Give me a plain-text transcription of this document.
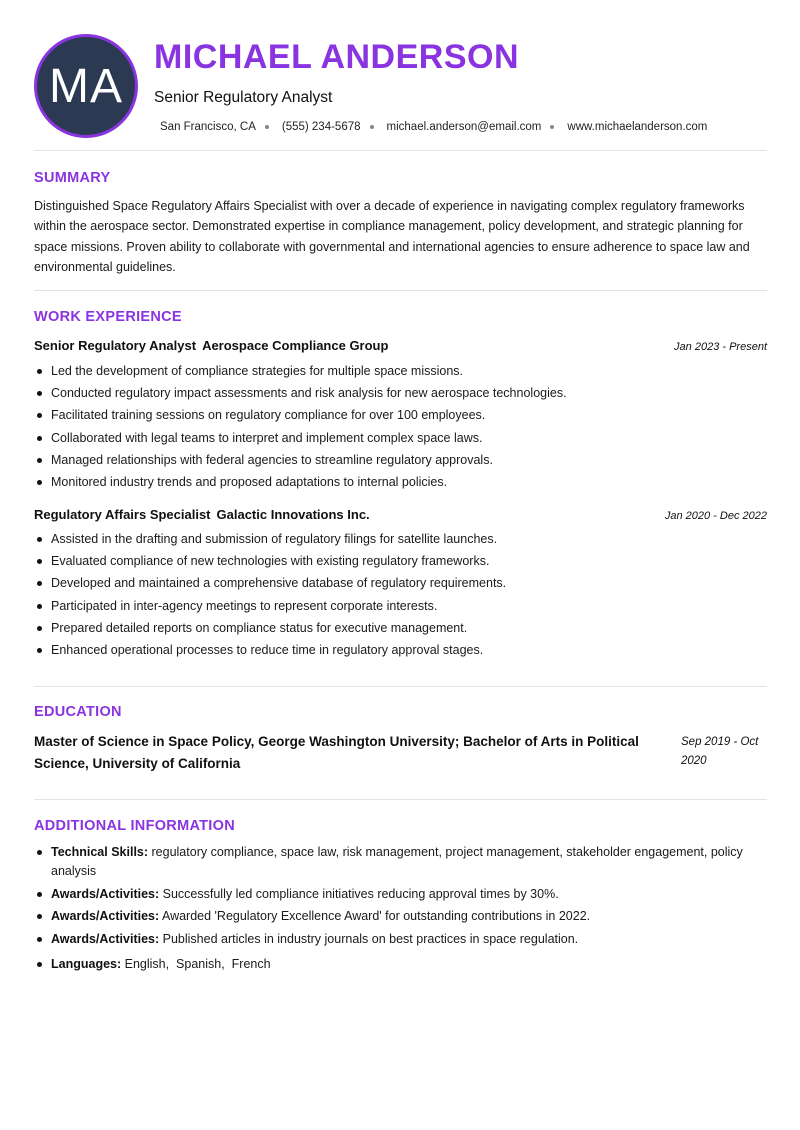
MA
MICHAEL ANDERSON
Senior Regulatory Analyst
San Francisco, CA (555) 234-5678 michael.anderson@email.com www.michaelanderson.com
SUMMARY
Distinguished Space Regulatory Affairs Specialist with over a decade of experience in navigating complex regulatory frameworks within the aerospace sector. Demonstrated expertise in compliance management, policy development, and strategic planning for space missions. Proven ability to collaborate with governmental and international agencies to ensure adherence to space law and environmental guidelines.
WORK EXPERIENCE
Senior Regulatory Analyst Aerospace Compliance Group	Jan 2023 - Present
Led the development of compliance strategies for multiple space missions.
Conducted regulatory impact assessments and risk analysis for new aerospace technologies.
Facilitated training sessions on regulatory compliance for over 100 employees.
Collaborated with legal teams to interpret and implement complex space laws.
Managed relationships with federal agencies to streamline regulatory approvals.
Monitored industry trends and proposed adaptations to internal policies.
Regulatory Affairs Specialist Galactic Innovations Inc.	Jan 2020 - Dec 2022
Assisted in the drafting and submission of regulatory filings for satellite launches.
Evaluated compliance of new technologies with existing regulatory frameworks.
Developed and maintained a comprehensive database of regulatory requirements.
Participated in inter-agency meetings to represent corporate interests.
Prepared detailed reports on compliance status for executive management.
Enhanced operational processes to reduce time in regulatory approval stages.
EDUCATION
Master of Science in Space Policy, George Washington University; Bachelor of Arts in Political Science, University of California
Sep 2019 - Oct 2020
ADDITIONAL INFORMATION
Technical Skills: regulatory compliance, space law, risk management, project management, stakeholder engagement, policy analysis
Awards/Activities: Successfully led compliance initiatives reducing approval times by 30%.
Awards/Activities: Awarded 'Regulatory Excellence Award' for outstanding contributions in 2022.
Awards/Activities: Published articles in industry journals on best practices in space regulation.
Languages: English,  Spanish,  French
